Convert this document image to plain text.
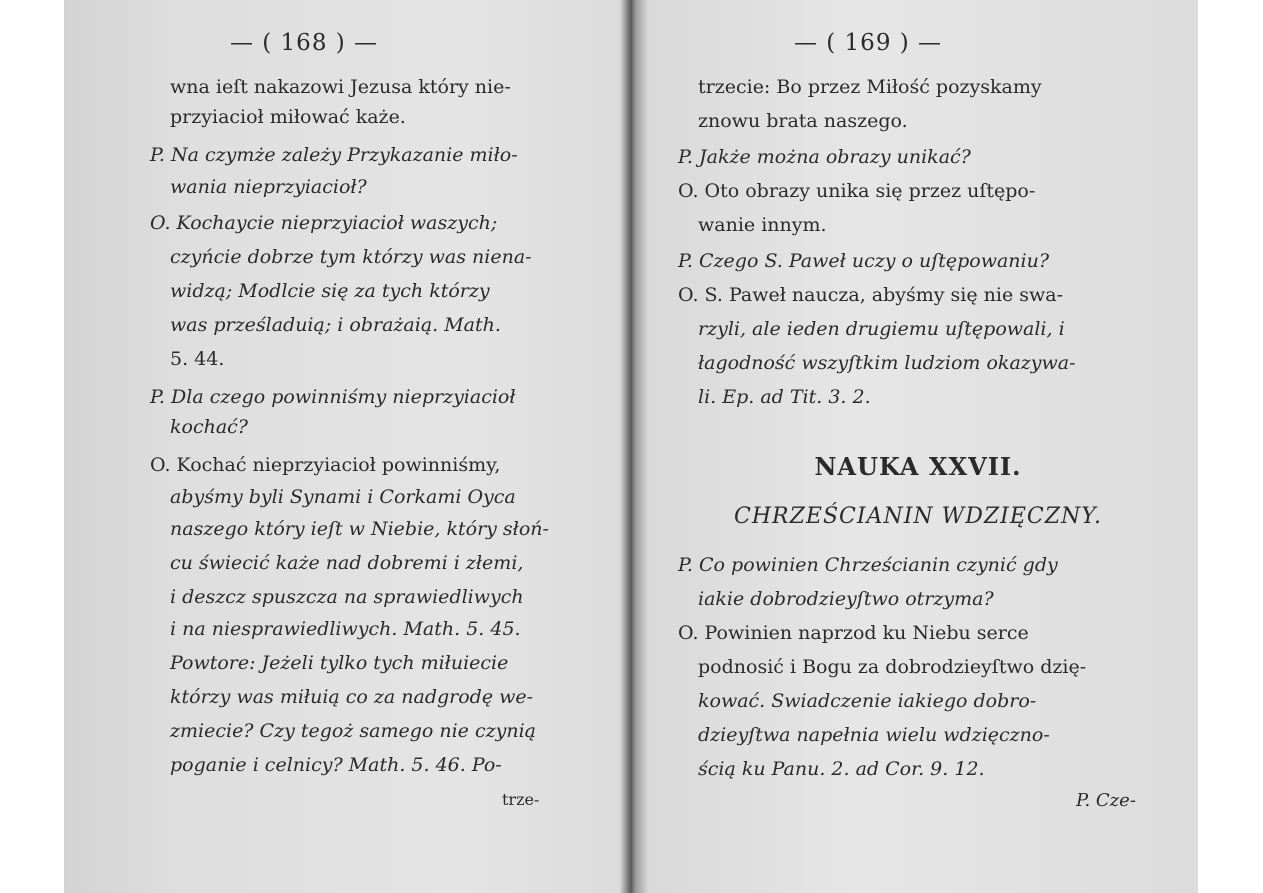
— ( 168 ) —
wna ieſt nakazowi Jezusa który nie-
przyiacioł miłować każe.
P. Na czymże zależy Przykazanie miło-
wania nieprzyiacioł?
O. Kochaycie nieprzyiacioł waszych;
czyńcie dobrze tym którzy was niena-
widzą; Modlcie się za tych którzy
was prześladuią; i obrażaią. Math.
5. 44.
P. Dla czego powinniśmy nieprzyiacioł
kochać?
O. Kochać nieprzyiacioł powinniśmy,
abyśmy byli Synami i Corkami Oyca
naszego który ieſt w Niebie, który słoń-
cu świecić każe nad dobremi i złemi,
i deszcz spuszcza na sprawiedliwych
i na niesprawiedliwych. Math. 5. 45.
Powtore: Jeżeli tylko tych miłuiecie
którzy was miłuią co za nadgrodę we-
zmiecie? Czy tegoż samego nie czynią
poganie i celnicy? Math. 5. 46. Po-
trze-
— ( 169 ) —
trzecie: Bo przez Miłość pozyskamy
znowu brata naszego.
P. Jakże można obrazy unikać?
O. Oto obrazy unika się przez uſtępo-
wanie innym.
P. Czego S. Paweł uczy o uſtępowaniu?
O. S. Paweł naucza, abyśmy się nie swa-
rzyli, ale ieden drugiemu uſtępowali, i
łagodność wszyſtkim ludziom okazywa-
li. Ep. ad Tit. 3. 2.
NAUKA XXVII.
CHRZEŚCIANIN WDZIĘCZNY.
P. Co powinien Chrześcianin czynić gdy
iakie dobrodzieyſtwo otrzyma?
O. Powinien naprzod ku Niebu serce
podnosić i Bogu za dobrodzieyſtwo dzię-
kować. Swiadczenie iakiego dobro-
dzieyſtwa napełnia wielu wdzięczno-
ścią ku Panu. 2. ad Cor. 9. 12.
P. Cze-
